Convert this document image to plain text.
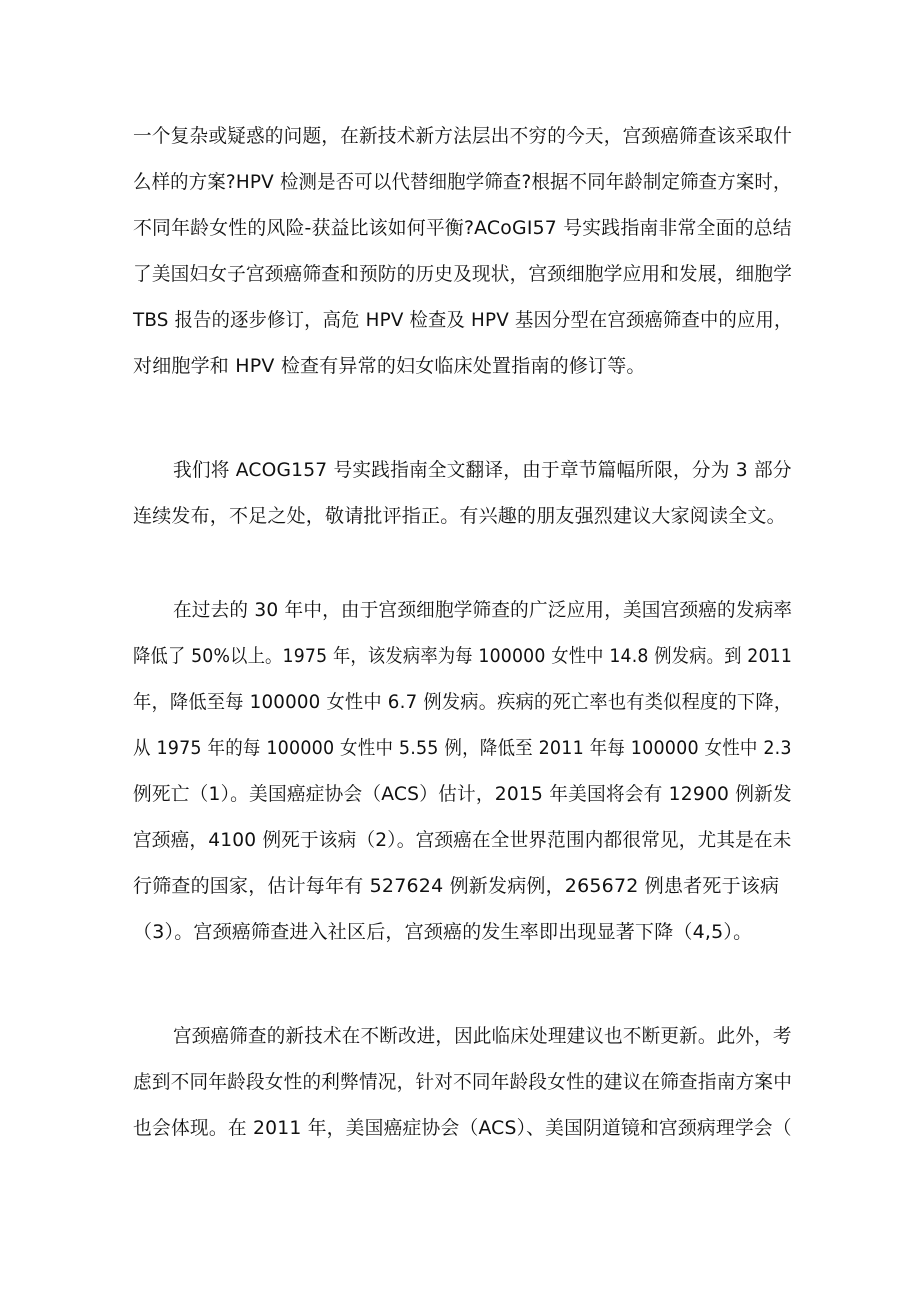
一个复杂或疑惑的问题，在新技术新方法层出不穷的今天，宫颈癌筛查该采取什
么样的方案?HPV 检测是否可以代替细胞学筛查?根据不同年龄制定筛查方案时，
不同年龄女性的风险-获益比该如何平衡?ACoGI57 号实践指南非常全面的总结
了美国妇女子宫颈癌筛查和预防的历史及现状，宫颈细胞学应用和发展，细胞学
TBS 报告的逐步修订，高危 HPV 检查及 HPV 基因分型在宫颈癌筛查中的应用，
对细胞学和 HPV 检查有异常的妇女临床处置指南的修订等。
我们将 ACOG157 号实践指南全文翻译，由于章节篇幅所限，分为 3 部分
连续发布，不足之处，敬请批评指正。有兴趣的朋友强烈建议大家阅读全文。
在过去的 30 年中，由于宫颈细胞学筛查的广泛应用，美国宫颈癌的发病率
降低了 50%以上。1975 年，该发病率为每 100000 女性中 14.8 例发病。到 2011
年，降低至每 100000 女性中 6.7 例发病。疾病的死亡率也有类似程度的下降，
从 1975 年的每 100000 女性中 5.55 例，降低至 2011 年每 100000 女性中 2.3
例死亡（1）。美国癌症协会（ACS）估计，2015 年美国将会有 12900 例新发
宫颈癌，4100 例死于该病（2）。宫颈癌在全世界范围内都很常见，尤其是在未
行筛查的国家，估计每年有 527624 例新发病例，265672 例患者死于该病
（3）。宫颈癌筛查进入社区后，宫颈癌的发生率即出现显著下降（4,5）。
宫颈癌筛查的新技术在不断改进，因此临床处理建议也不断更新。此外，考
虑到不同年龄段女性的利弊情况，针对不同年龄段女性的建议在筛查指南方案中
也会体现。在 2011 年，美国癌症协会（ACS）、美国阴道镜和宫颈病理学会（
